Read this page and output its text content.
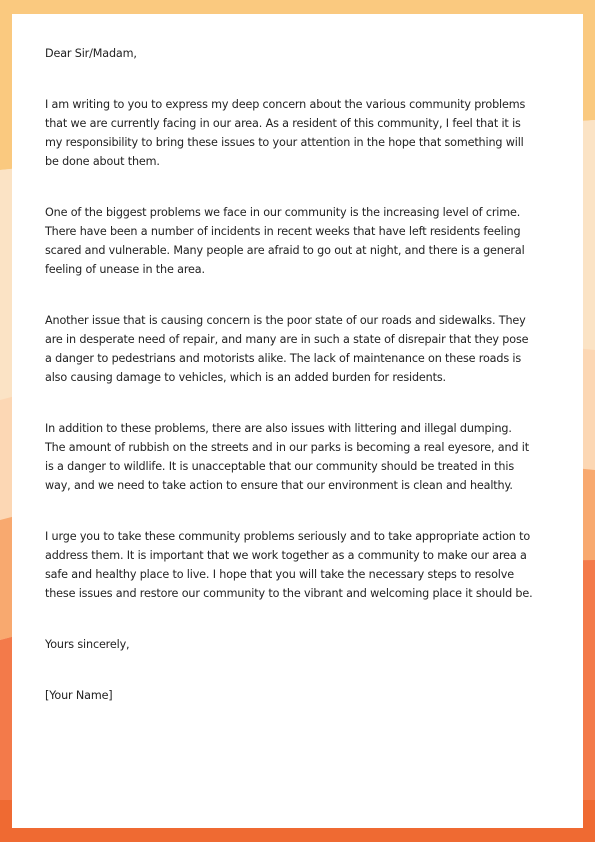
Dear Sir/Madam,

I am writing to you to express my deep concern about the various community problems that we are currently facing in our area. As a resident of this community, I feel that it is my responsibility to bring these issues to your attention in the hope that something will be done about them.

One of the biggest problems we face in our community is the increasing level of crime. There have been a number of incidents in recent weeks that have left residents feeling scared and vulnerable. Many people are afraid to go out at night, and there is a general feeling of unease in the area.

Another issue that is causing concern is the poor state of our roads and sidewalks. They are in desperate need of repair, and many are in such a state of disrepair that they pose a danger to pedestrians and motorists alike. The lack of maintenance on these roads is also causing damage to vehicles, which is an added burden for residents.

In addition to these problems, there are also issues with littering and illegal dumping. The amount of rubbish on the streets and in our parks is becoming a real eyesore, and it is a danger to wildlife. It is unacceptable that our community should be treated in this way, and we need to take action to ensure that our environment is clean and healthy.

I urge you to take these community problems seriously and to take appropriate action to address them. It is important that we work together as a community to make our area a safe and healthy place to live. I hope that you will take the necessary steps to resolve these issues and restore our community to the vibrant and welcoming place it should be.

Yours sincerely,

[Your Name]
